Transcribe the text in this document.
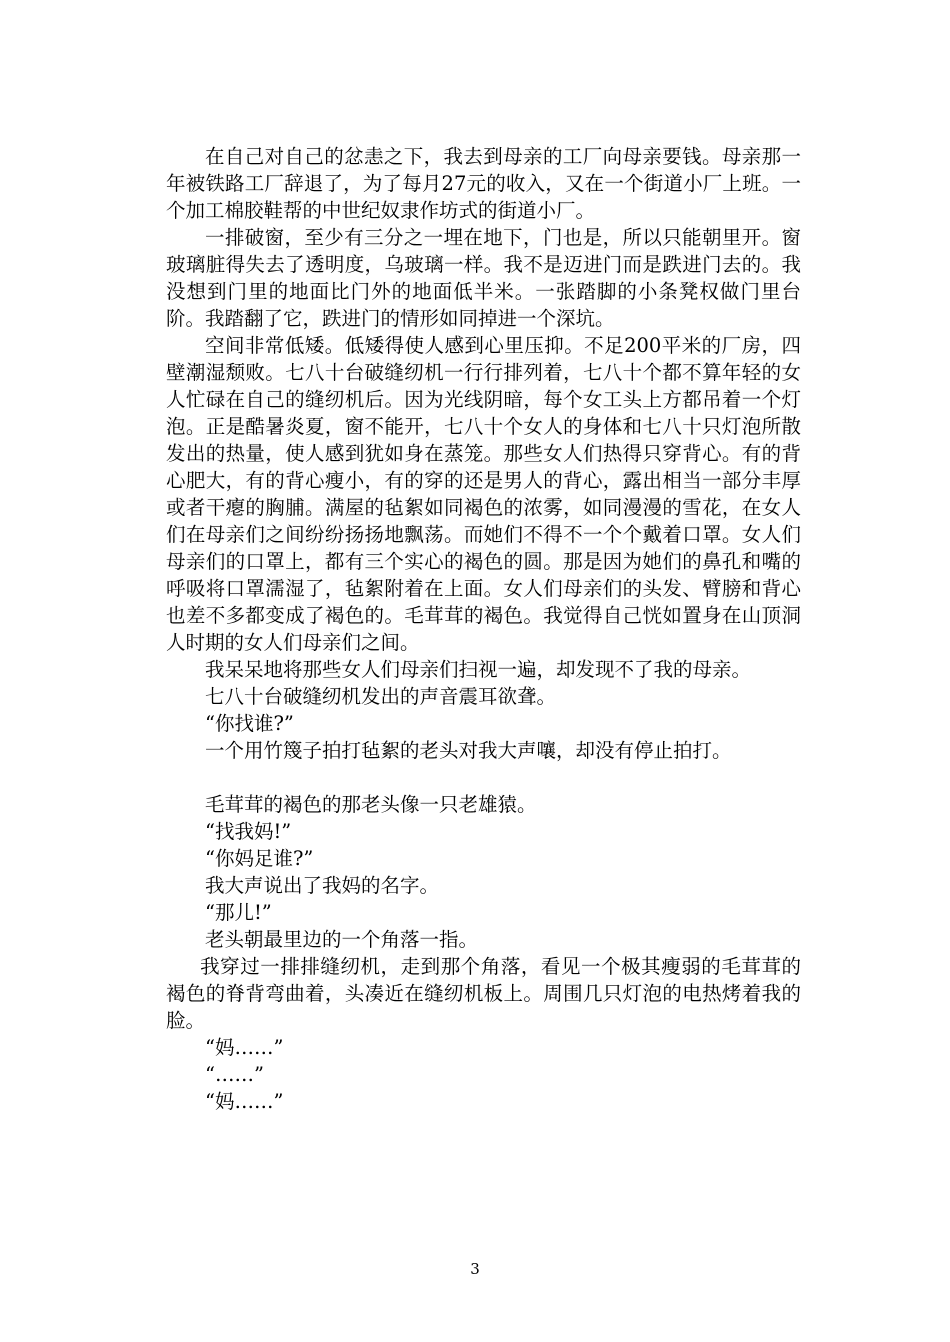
在自己对自己的忿恚之下，我去到母亲的工厂向母亲要钱。母亲那一年被铁路工厂辞退了，为了每月27元的收入，又在一个街道小厂上班。一个加工棉胶鞋帮的中世纪奴隶作坊式的街道小厂。

一排破窗，至少有三分之一埋在地下，门也是，所以只能朝里开。窗玻璃脏得失去了透明度，乌玻璃一样。我不是迈进门而是跌进门去的。我没想到门里的地面比门外的地面低半米。一张踏脚的小条凳权做门里台阶。我踏翻了它，跌进门的情形如同掉进一个深坑。

空间非常低矮。低矮得使人感到心里压抑。不足200平米的厂房，四壁潮湿颓败。七八十台破缝纫机一行行排列着，七八十个都不算年轻的女人忙碌在自己的缝纫机后。因为光线阴暗，每个女工头上方都吊着一个灯泡。正是酷暑炎夏，窗不能开，七八十个女人的身体和七八十只灯泡所散发出的热量，使人感到犹如身在蒸笼。那些女人们热得只穿背心。有的背心肥大，有的背心瘦小，有的穿的还是男人的背心，露出相当一部分丰厚或者干瘪的胸脯。满屋的毡絮如同褐色的浓雾，如同漫漫的雪花，在女人们在母亲们之间纷纷扬扬地飘荡。而她们不得不一个个戴着口罩。女人们母亲们的口罩上，都有三个实心的褐色的圆。那是因为她们的鼻孔和嘴的呼吸将口罩濡湿了，毡絮附着在上面。女人们母亲们的头发、臂膀和背心也差不多都变成了褐色的。毛茸茸的褐色。我觉得自己恍如置身在山顶洞人时期的女人们母亲们之间。

我呆呆地将那些女人们母亲们扫视一遍，却发现不了我的母亲。

七八十台破缝纫机发出的声音震耳欲聋。

“你找谁?”

一个用竹篾子拍打毡絮的老头对我大声嚷，却没有停止拍打。

毛茸茸的褐色的那老头像一只老雄猿。

“找我妈!”

“你妈足谁?”

我大声说出了我妈的名字。

“那儿!”

老头朝最里边的一个角落一指。

我穿过一排排缝纫机，走到那个角落，看见一个极其瘦弱的毛茸茸的褐色的脊背弯曲着，头凑近在缝纫机板上。周围几只灯泡的电热烤着我的脸。

“妈……”

“……”

“妈……”

3
